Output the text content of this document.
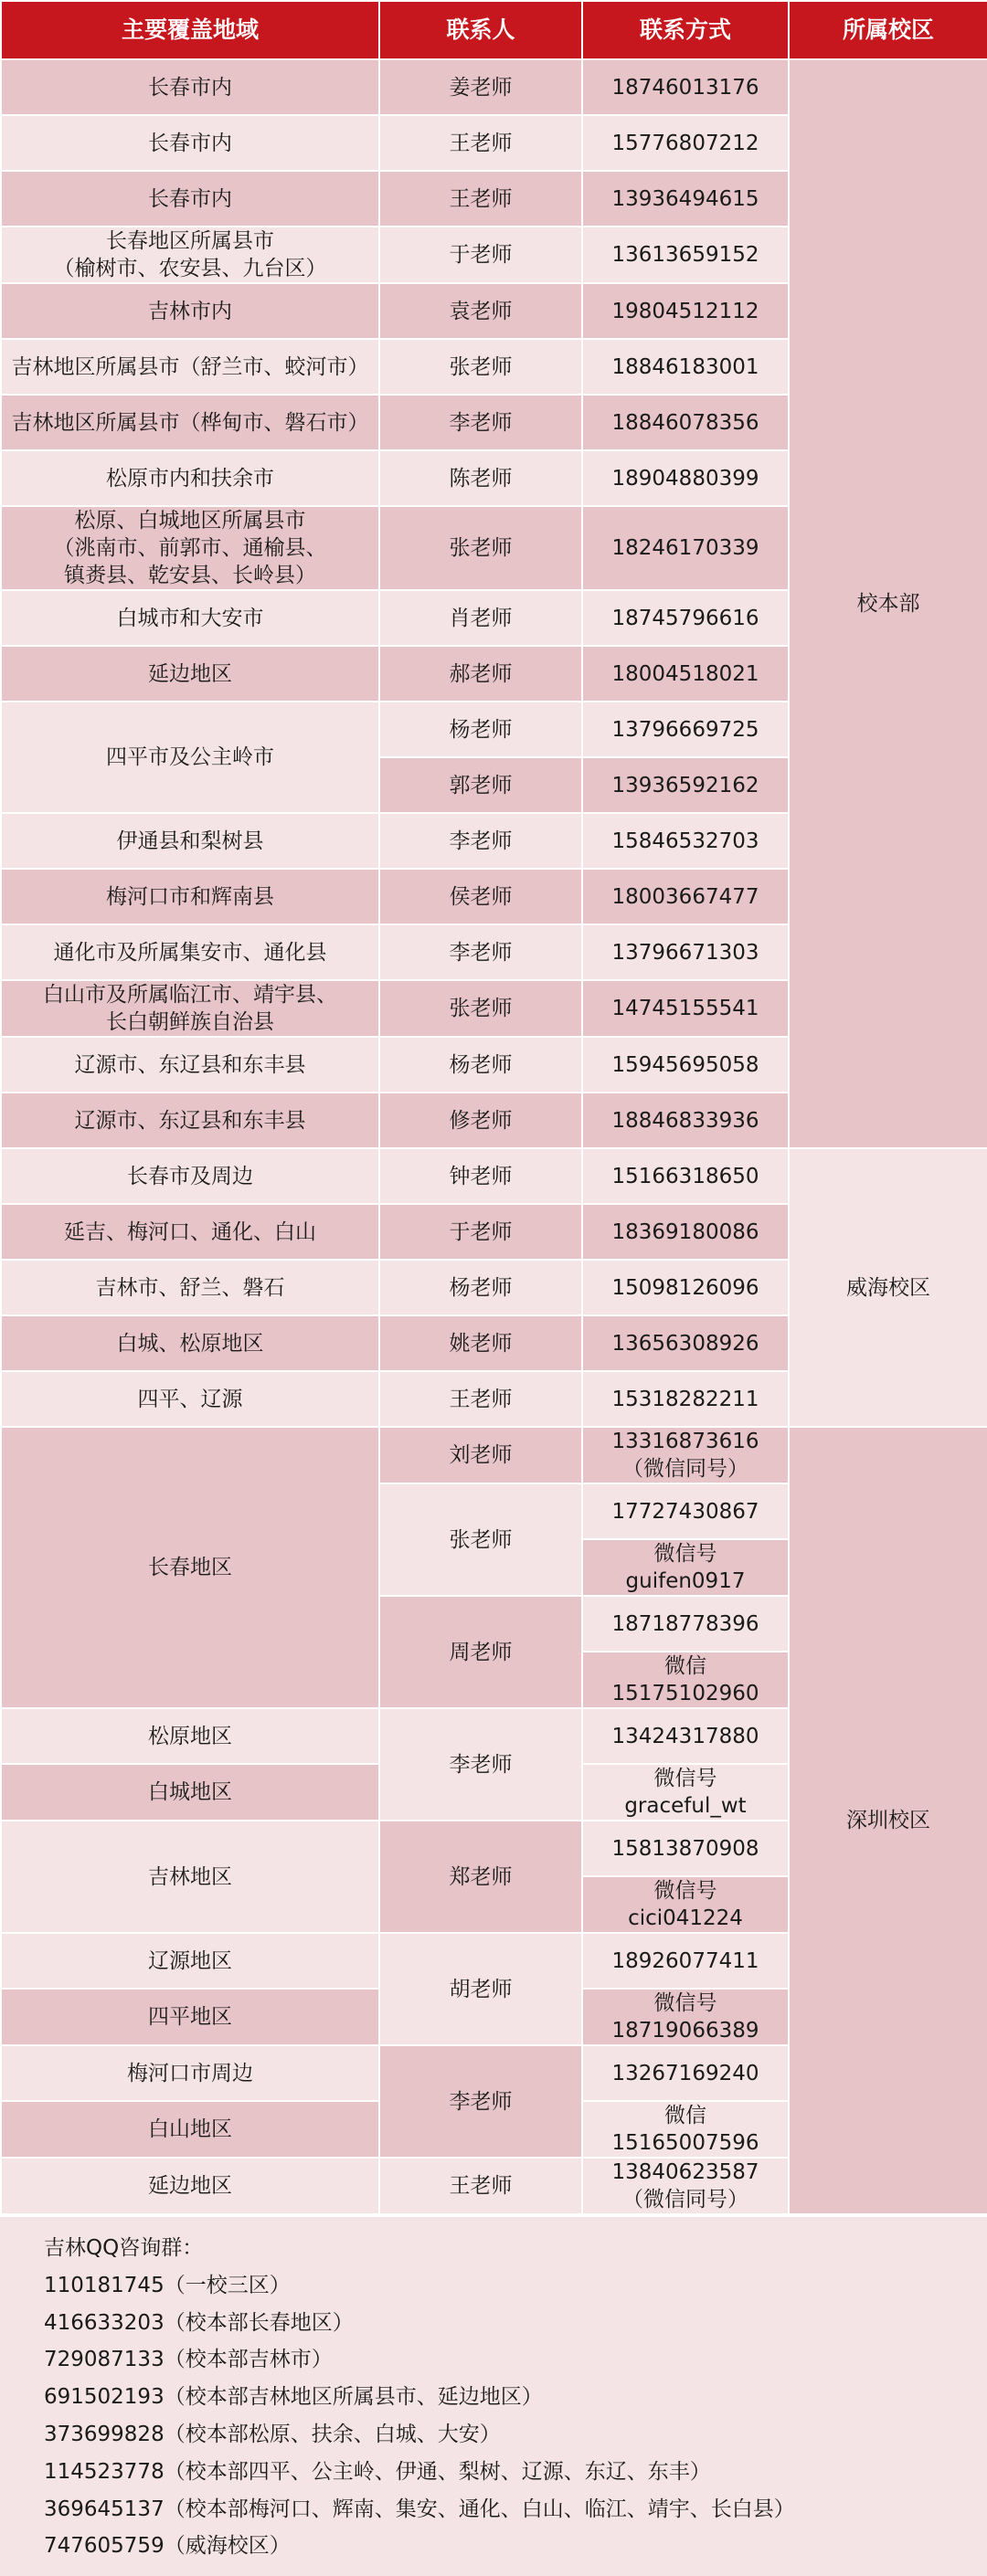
主要覆盖地域	联系人	联系方式	所属校区
长春市内	姜老师	18746013176	校本部
长春市内	王老师	15776807212	
长春市内	王老师	13936494615	

长春地区所属县市
（榆树市、农安县、九台区）	于老师	13613659152	
吉林市内	袁老师	19804512112	
吉林地区所属县市（舒兰市、蛟河市）	张老师	18846183001	
吉林地区所属县市（桦甸市、磐石市）	李老师	18846078356	
松原市内和扶余市	陈老师	18904880399	

松原、白城地区所属县市
（洮南市、前郭市、通榆县、
镇赉县、乾安县、长岭县）	张老师	18246170339	
白城市和大安市	肖老师	18745796616	
延边地区	郝老师	18004518021	
四平市及公主岭市	杨老师	13796669725	
	郭老师	13936592162	
伊通县和梨树县	李老师	15846532703	
梅河口市和辉南县	侯老师	18003667477	
通化市及所属集安市、通化县	李老师	13796671303	

白山市及所属临江市、靖宇县、
长白朝鲜族自治县	张老师	14745155541	
辽源市、东辽县和东丰县	杨老师	15945695058	
辽源市、东辽县和东丰县	修老师	18846833936	
长春市及周边	钟老师	15166318650	威海校区
延吉、梅河口、通化、白山	于老师	18369180086	
吉林市、舒兰、磐石	杨老师	15098126096	
白城、松原地区	姚老师	13656308926	
四平、辽源	王老师	15318282211	
长春地区	刘老师	13316873616
（微信同号）	深圳校区
	张老师	17727430867	

		微信号
guifen0917	

	周老师	18718778396	

		微信
15175102960	

松原地区	李老师	13424317880	
白城地区		微信号
graceful_wt	

吉林地区	郑老师	15813870908	

		微信号
cici041224	

辽源地区	胡老师	18926077411	
四平地区		微信号
18719066389	

梅河口市周边	李老师	13267169240	
白山地区		微信
15165007596	

延边地区	王老师	13840623587
（微信同号）	
吉林QQ咨询群：
110181745（一校三区）
416633203（校本部长春地区）
729087133（校本部吉林市）
691502193（校本部吉林地区所属县市、延边地区）
373699828（校本部松原、扶余、白城、大安）
114523778（校本部四平、公主岭、伊通、梨树、辽源、东辽、东丰）
369645137（校本部梅河口、辉南、集安、通化、白山、临江、靖宇、长白县）
747605759（威海校区）
